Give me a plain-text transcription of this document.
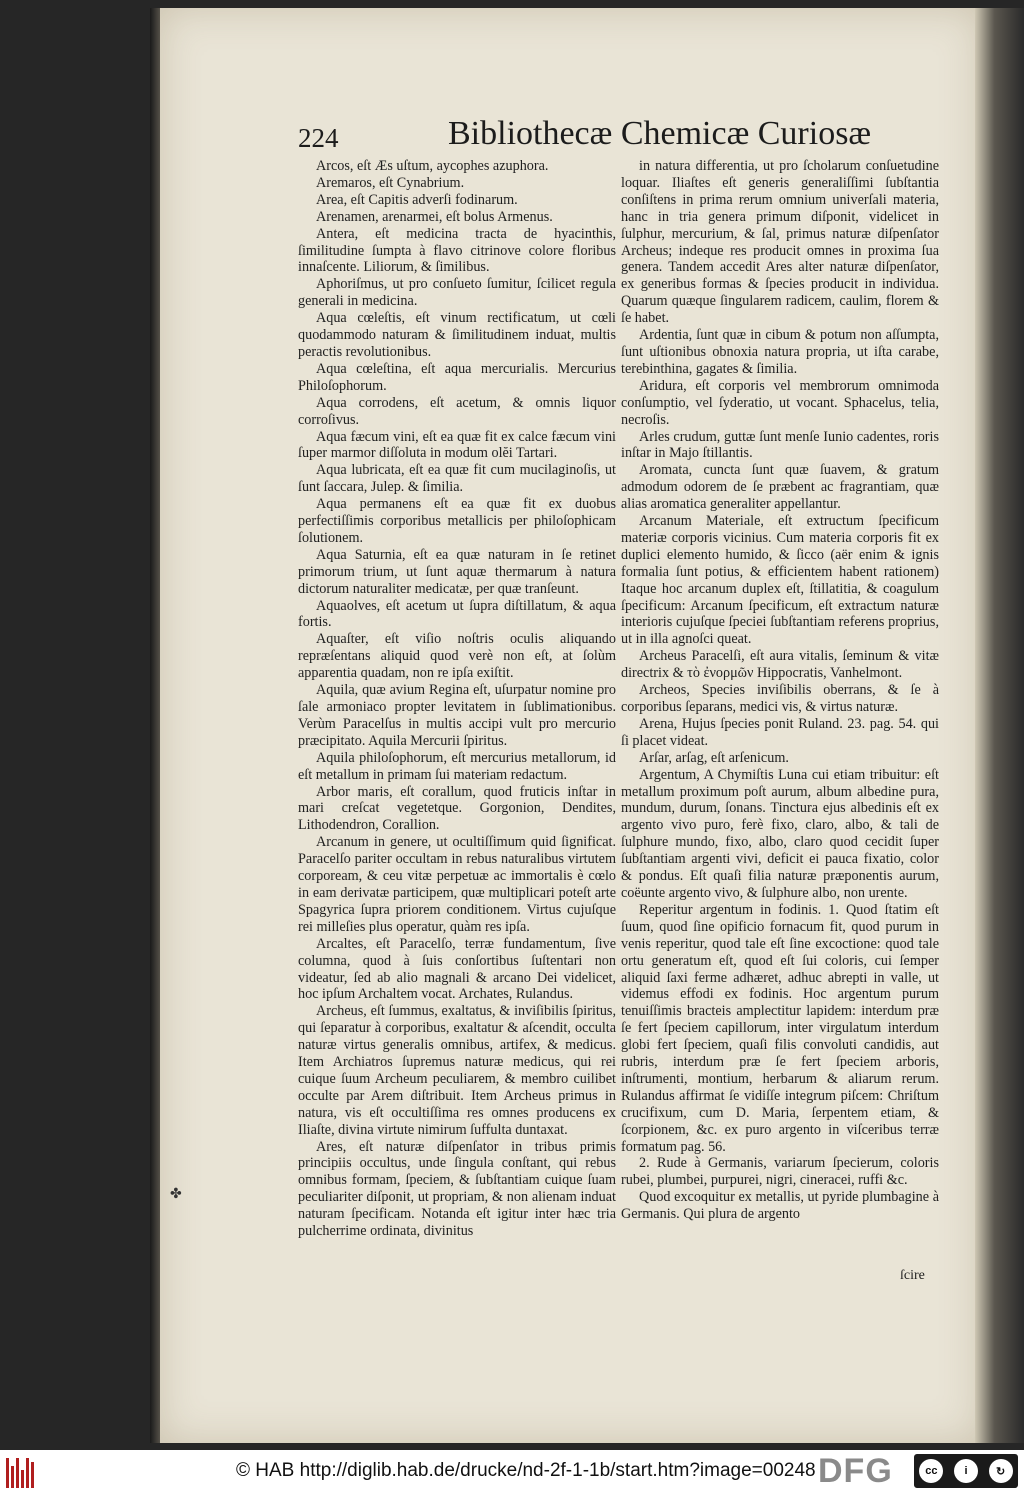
224	Bibliothecæ Chemicæ Curiosæ

Arcos, eſt Æs uſtum, aycophes azuphora.

Aremaros, eſt Cynabrium.

Area, eſt Capitis adverſi fodinarum.

Arenamen, arenarmei, eſt bolus Armenus.

Antera, eſt medicina tracta de hyacinthis, ſimilitudine ſumpta à flavo citrinove colore floribus innaſcente. Liliorum, & ſimilibus.

Aphoriſmus, ut pro conſueto ſumitur, ſcilicet regula generali in medicina.

Aqua cœleſtis, eſt vinum rectificatum, ut cœli quodammodo naturam & ſimilitudinem induat, multis peractis revolutionibus.

Aqua cœleſtina, eſt aqua mercurialis. Mercurius Philoſophorum.

Aqua corrodens, eſt acetum, & omnis liquor corroſivus.

Aqua fæcum vini, eſt ea quæ fit ex calce fæcum vini ſuper marmor diſſoluta in modum olĕi Tartari.

Aqua lubricata, eſt ea quæ fit cum mucilaginoſis, ut ſunt ſaccara, Julep. & ſimilia.

Aqua permanens eſt ea quæ fit ex duobus perfectiſſimis corporibus metallicis per philoſophicam ſolutionem.

Aqua Saturnia, eſt ea quæ naturam in ſe retinet primorum trium, ut ſunt aquæ thermarum à natura dictorum naturaliter medicatæ, per quæ tranſeunt.

Aquaolves, eſt acetum ut ſupra diſtillatum, & aqua fortis.

Aquaſter, eſt viſio noſtris oculis aliquando repræſentans aliquid quod verè non eſt, at ſolùm apparentia quadam, non re ipſa exiſtit.

Aquila, quæ avium Regina eſt, uſurpatur nomine pro ſale armoniaco propter levitatem in ſublimationibus. Verùm Paracelſus in multis accipi vult pro mercurio præcipitato. Aquila Mercurii ſpiritus.

Aquila philoſophorum, eſt mercurius metallorum, id eſt metallum in primam ſui materiam redactum.

Arbor maris, eſt corallum, quod fruticis inſtar in mari creſcat vegetetque. Gorgonion, Dendites, Lithodendron, Corallion.

Arcanum in genere, ut ocultiſſimum quid ſignificat. Paracelſo pariter occultam in rebus naturalibus virtutem corpoream, & ceu vitæ perpetuæ ac immortalis è cœlo in eam derivatæ participem, quæ multiplicari poteſt arte Spagyrica ſupra priorem conditionem. Virtus cujuſque rei milleſies plus operatur, quàm res ipſa.

Arcaltes, eſt Paracelſo, terræ fundamentum, ſive columna, quod à ſuis conſortibus ſuſtentari non videatur, ſed ab alio magnali & arcano Dei videlicet, hoc ipſum Archaltem vocat. Archates, Rulandus.

Archeus, eſt ſummus, exaltatus, & inviſibilis ſpiritus, qui ſeparatur à corporibus, exaltatur & aſcendit, occulta naturæ virtus generalis omnibus, artifex, & medicus. Item Archiatros ſupremus naturæ medicus, qui rei cuique ſuum Archeum peculiarem, & membro cuilibet occulte par Arem diſtribuit. Item Archeus primus in natura, vis eſt occultiſſima res omnes producens ex Iliaſte, divina virtute nimirum ſuffulta duntaxat.

Ares, eſt naturæ diſpenſator in tribus primis principiis occultus, unde ſingula conſtant, qui rebus omnibus formam, ſpeciem, & ſubſtantiam cuique ſuam peculiariter diſponit, ut propriam, & non alienam induat naturam ſpecificam. Notanda eſt igitur inter hæc tria pulcherrime ordinata, divinitus

in natura differentia, ut pro ſcholarum conſuetudine loquar. Iliaſtes eſt generis generaliſſimi ſubſtantia conſiſtens in prima rerum omnium univerſali materia, hanc in tria genera primum diſponit, videlicet in ſulphur, mercurium, & ſal, primus naturæ diſpenſator Archeus; indeque res producit omnes in proxima ſua genera. Tandem accedit Ares alter naturæ diſpenſator, ex generibus formas & ſpecies producit in individua. Quarum quæque ſingularem radicem, caulim, florem & ſe habet.

Ardentia, ſunt quæ in cibum & potum non aſſumpta, ſunt uſtionibus obnoxia natura propria, ut iſta carabe, terebinthina, gagates & ſimilia.

Aridura, eſt corporis vel membrorum omnimoda conſumptio, vel ſyderatio, ut vocant. Sphacelus, telia, necroſis.

Arles crudum, guttæ ſunt menſe Iunio cadentes, roris inſtar in Majo ſtillantis.

Aromata, cuncta ſunt quæ ſuavem, & gratum admodum odorem de ſe præbent ac fragrantiam, quæ alias aromatica generaliter appellantur.

Arcanum Materiale, eſt extructum ſpecificum materiæ corporis vicinius. Cum materia corporis fit ex duplici elemento humido, & ſicco (aër enim & ignis formalia ſunt potius, & efficientem habent rationem) Itaque hoc arcanum duplex eſt, ſtillatitia, & coagulum ſpecificum: Arcanum ſpecificum, eſt extractum naturæ interioris cujuſque ſpeciei ſubſtantiam referens proprius, ut in illa agnoſci queat.

Archeus Paracelſi, eſt aura vitalis, ſeminum & vitæ directrix & τὸ ἐνορμῶν Hippocratis, Vanhelmont.

Archeos, Species inviſibilis oberrans, & ſe à corporibus ſeparans, medici vis, & virtus naturæ.

Arena, Hujus ſpecies ponit Ruland. 23. pag. 54. qui ſi placet videat.

Arſar, arſag, eſt arſenicum.

Argentum, A Chymiſtis Luna cui etiam tribuitur: eſt metallum proximum poſt aurum, album albedine pura, mundum, durum, ſonans. Tinctura ejus albedinis eſt ex argento vivo puro, ferè fixo, claro, albo, & tali de ſulphure mundo, fixo, albo, claro quod cecidit ſuper ſubſtantiam argenti vivi, deficit ei pauca fixatio, color & pondus. Eſt quaſi filia naturæ præponentis aurum, coëunte argento vivo, & ſulphure albo, non urente.

Reperitur argentum in fodinis. 1. Quod ſtatim eſt ſuum, quod ſine opificio fornacum fit, quod purum in venis reperitur, quod tale eſt ſine excoctione: quod tale ortu generatum eſt, quod eſt ſui coloris, cui ſemper aliquid ſaxi ferme adhæret, adhuc abrepti in valle, ut videmus effodi ex fodinis. Hoc argentum purum tenuiſſimis bracteis amplectitur lapidem: interdum præ ſe fert ſpeciem capillorum, inter virgulatum interdum globi fert ſpeciem, quaſi filis convoluti candidis, aut rubris, interdum præ ſe fert ſpeciem arboris, inſtrumenti, montium, herbarum & aliarum rerum. Rulandus affirmat ſe vidiſſe integrum piſcem: Chriſtum crucifixum, cum D. Maria, ſerpentem etiam, & ſcorpionem, &c. ex puro argento in viſceribus terræ formatum pag. 56.

2. Rude à Germanis, variarum ſpecierum, coloris rubei, plumbei, purpurei, nigri, cineracei, ruffi &c.

Quod excoquitur ex metallis, ut pyride plumbagine à Germanis. Qui plura de argento

ſcire
✤
© HAB http://diglib.hab.de/drucke/nd-2f-1-1b/start.htm?image=00248 DFG	cc	i	↻
